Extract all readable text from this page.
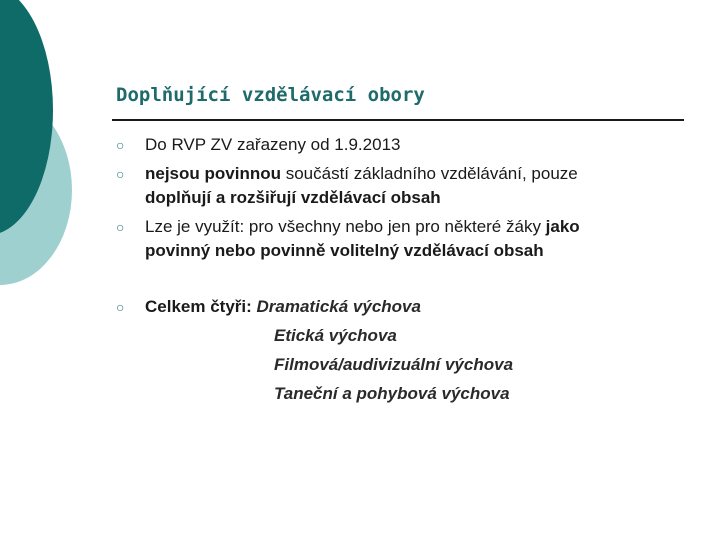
Doplňující vzdělávací obory
○ Do RVP ZV zařazeny od 1.9.2013
○ nejsou povinnou součástí základního vzdělávání, pouze
doplňují a rozšiřují vzdělávací obsah
○ Lze je využít: pro všechny nebo jen pro některé žáky jako
povinný nebo povinně volitelný vzdělávací obsah
○ Celkem čtyři: Dramatická výchova
Etická výchova
Filmová/audivizuální výchova
Taneční a pohybová výchova
